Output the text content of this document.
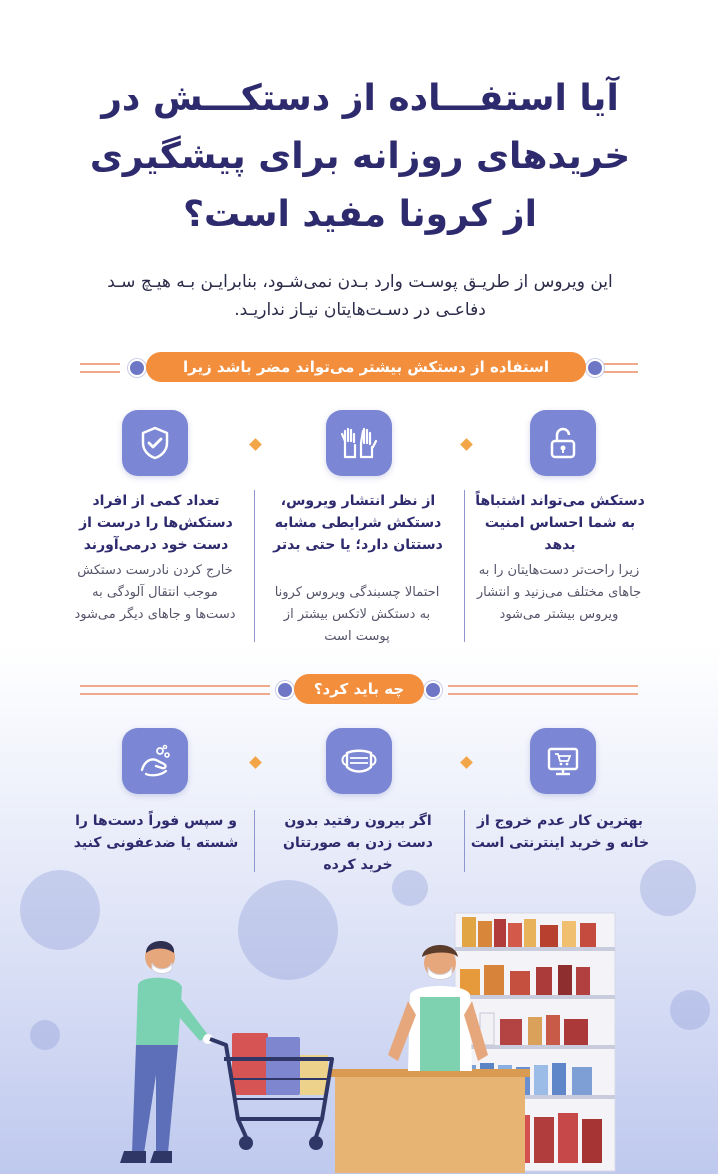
آیا استفـــاده از دستکـــش در
خرید‌های روزانه برای پیشگیری
از کرونا مفید است؟
این ویروس از طریـق پوسـت وارد بـدن نمی‌شـود، بنابرایـن بـه هیـچ سـد
دفاعـی در دسـت‌هایتان نیـاز نداریـد.
استفاده از دستکش بیشتر می‌تواند مضر باشد زیرا
دستکش می‌تواند اشتباهاً به شما احساس امنیت بدهد
زیرا راحت‌تر دست‌هایتان را به جاهای مختلف می‌زنید و انتشار ویروس بیشتر می‌شود
از نظر انتشار ویروس، دستکش شرایطی مشابه دستتان دارد؛ یا حتی بدتر
احتمالا چسبندگی ویروس کرونا به دستکش لاتکس بیشتر از پوست است
تعداد کمی از افراد دستکش‌ها را درست از دست خود درمی‌آورند
خارج کردن نادرست دستکش موجب انتقال آلودگی به دست‌ها و جاهای دیگر می‌شود
چه باید کرد؟
بهترین کار عدم خروج از خانه و خرید اینترنتی است
اگر بیرون رفتید بدون دست زدن به صورتتان خرید کرده
و سپس فوراً دست‌ها را شسته یا ضدعفونی کنید
